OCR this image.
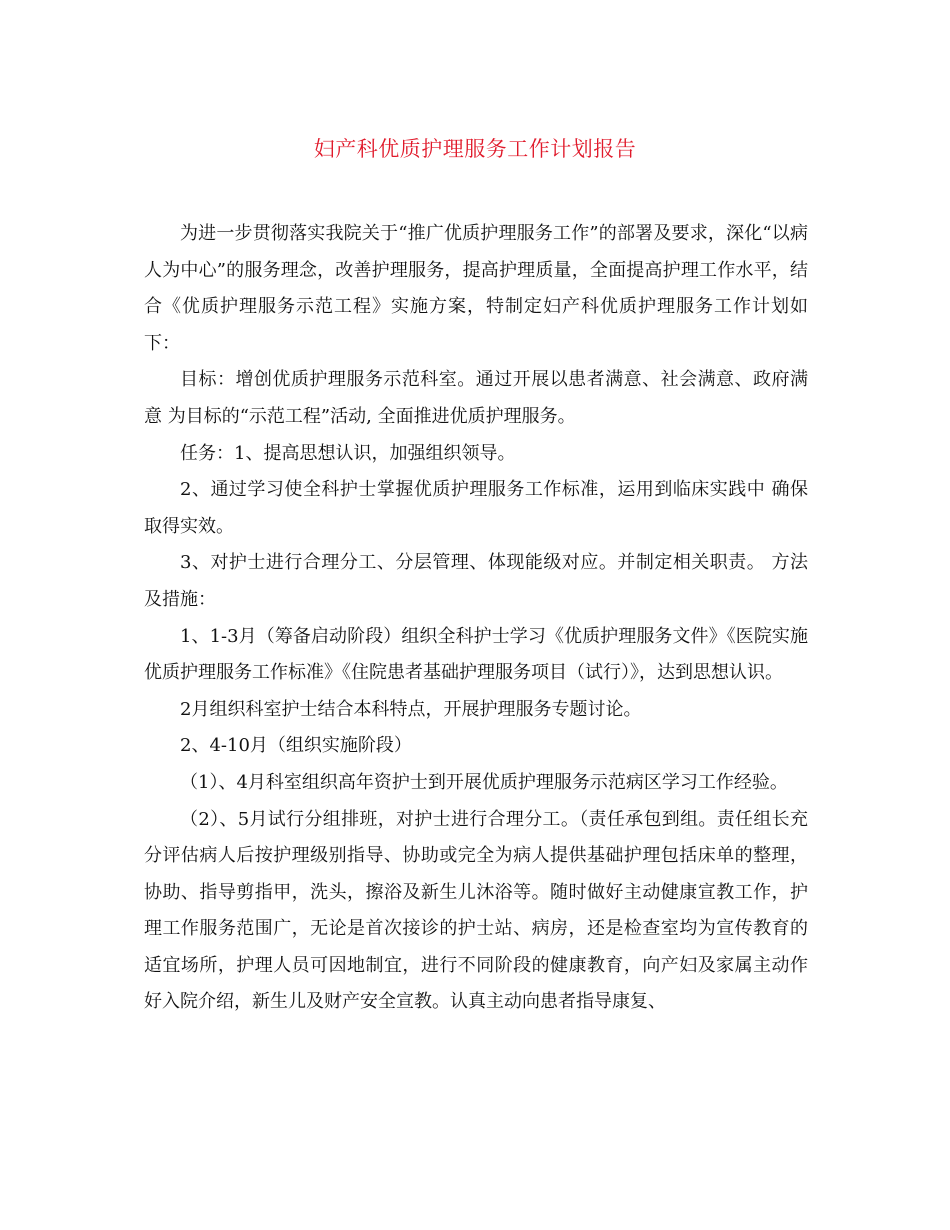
妇产科优质护理服务工作计划报告

为进一步贯彻落实我院关于“推广优质护理服务工作”的部署及要求，深化“以病人为中心”的服务理念，改善护理服务，提高护理质量，全面提高护理工作水平，结合《优质护理服务示范工程》实施方案，特制定妇产科优质护理服务工作计划如下：

目标：增创优质护理服务示范科室。通过开展以患者满意、社会满意、政府满意 为目标的“示范工程”活动, 全面推进优质护理服务。

任务：1、提高思想认识，加强组织领导。

2、通过学习使全科护士掌握优质护理服务工作标准，运用到临床实践中 确保取得实效。

3、对护士进行合理分工、分层管理、体现能级对应。并制定相关职责。 方法及措施：

1、1-3月（筹备启动阶段）组织全科护士学习《优质护理服务文件》《医院实施优质护理服务工作标准》《住院患者基础护理服务项目（试行）》，达到思想认识。

2月组织科室护士结合本科特点，开展护理服务专题讨论。

2、4-10月（组织实施阶段）

（1）、4月科室组织高年资护士到开展优质护理服务示范病区学习工作经验。

（2）、5月试行分组排班，对护士进行合理分工。（责任承包到组。责任组长充分评估病人后按护理级别指导、协助或完全为病人提供基础护理包括床单的整理，协助、指导剪指甲，洗头，擦浴及新生儿沐浴等。随时做好主动健康宣教工作，护理工作服务范围广，无论是首次接诊的护士站、病房，还是检查室均为宣传教育的适宜场所，护理人员可因地制宜，进行不同阶段的健康教育，向产妇及家属主动作好入院介绍，新生儿及财产安全宣教。认真主动向患者指导康复、
